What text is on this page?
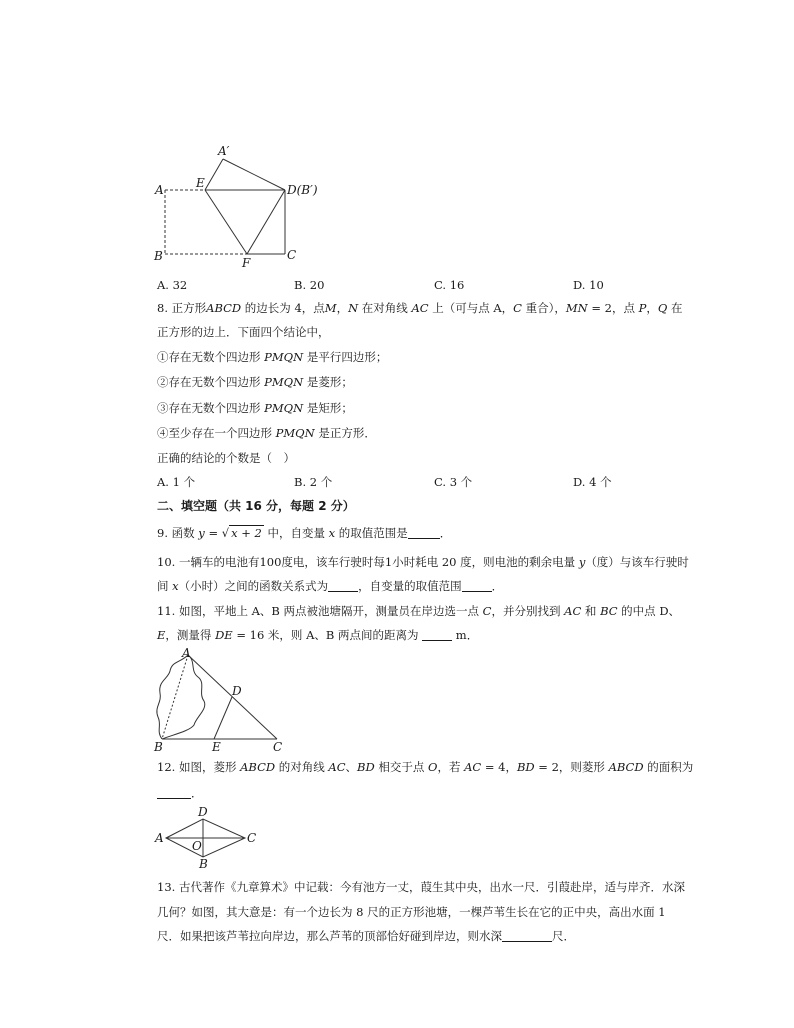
A′
A	E	D(B′)
B	F
C
A. 32	B. 20	C. 16	D. 10
8. 正方形ABCD 的边长为 4，点M，N 在对角线 AC 上（可与点 A，C 重合），MN = 2，点 P，Q 在
正方形的边上．下面四个结论中，
①存在无数个四边形 PMQN 是平行四边形；
②存在无数个四边形 PMQN 是菱形；
③存在无数个四边形 PMQN 是矩形；
④至少存在一个四边形 PMQN 是正方形．
正确的结论的个数是（　）
A. 1 个	B. 2 个	C. 3 个	D. 4 个
二、填空题（共 16 分，每题 2 分）
9. 函数 y = √ x + 2 中，自变量 x 的取值范围是	．
10. 一辆车的电池有100度电，该车行驶时每1小时耗电 20 度，则电池的剩余电量 y（度）与该车行驶时
间 x（小时）之间的函数关系式为	，自变量的取值范围	．
11. 如图，平地上 A、B 两点被池塘隔开，测量员在岸边选一点 C，并分别找到 AC 和 BC 的中点 D、
E，测量得 DE = 16 米，则 A、B 两点间的距离为	m．
A
D
B	E	C
12. 如图，菱形 ABCD 的对角线 AC、BD 相交于点 O，若 AC = 4，BD = 2，则菱形 ABCD 的面积为
．
D
A
O
C
B
13. 古代著作《九章算术》中记载：今有池方一丈，葭生其中央，出水一尺．引葭赴岸，适与岸齐．水深
几何？如图，其大意是：有一个边长为 8 尺的正方形池塘，一棵芦苇生长在它的正中央，高出水面 1
尺．如果把该芦苇拉向岸边，那么芦苇的顶部恰好碰到岸边，则水深	尺．
